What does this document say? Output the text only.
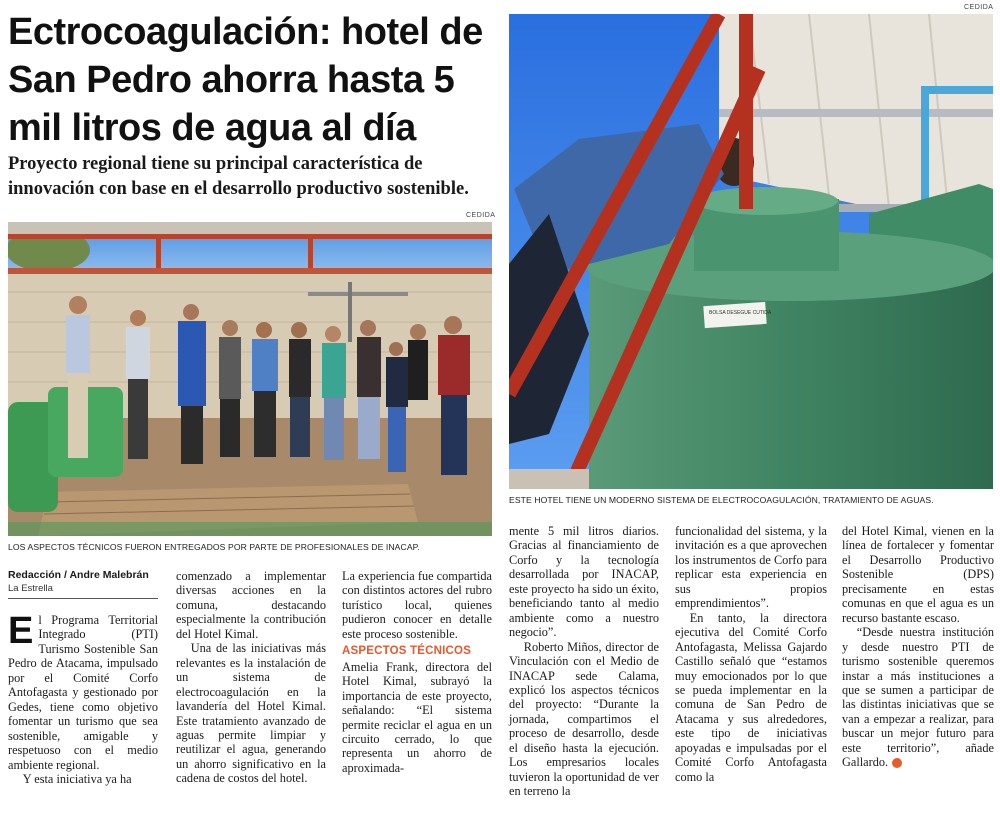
Ectrocoagulación: hotel de San Pedro ahorra hasta 5 mil litros de agua al día

Proyecto regional tiene su principal característica de innovación con base en el desarrollo productivo sostenible.

CEDIDA
CEDIDA
LOS ASPECTOS TÉCNICOS FUERON ENTREGADOS POR PARTE DE PROFESIONALES DE INACAP.
BOLSA DESEGUE CUTIDA
ESTE HOTEL TIENE UN MODERNO SISTEMA DE ELECTROCOAGULACIÓN, TRATAMIENTO DE AGUAS.
Redacción / Andre Malebrán
La Estrella

El Programa Territorial Integrado (PTI) Turismo Sostenible San Pedro de Atacama, impulsado por el Comité Corfo Antofagasta y gestionado por Gedes, tiene como objetivo fomentar un turismo que sea sostenible, amigable y respetuoso con el medio ambiente regional.

Y esta iniciativa ya ha

comenzado a implementar diversas acciones en la comuna, destacando especialmente la contribución del Hotel Kimal.

Una de las iniciativas más relevantes es la instalación de un sistema de electrocoagulación en la lavandería del Hotel Kimal. Este tratamiento avanzado de aguas permite limpiar y reutilizar el agua, generando un ahorro significativo en la cadena de costos del hotel.

La experiencia fue compartida con distintos actores del rubro turístico local, quienes pudieron conocer en detalle este proceso sostenible.

ASPECTOS TÉCNICOS

Amelia Frank, directora del Hotel Kimal, subrayó la importancia de este proyecto, señalando: “El sistema permite reciclar el agua en un circuito cerrado, lo que representa un ahorro de aproximada-

mente 5 mil litros diarios. Gracias al financiamiento de Corfo y la tecnología desarrollada por INACAP, este proyecto ha sido un éxito, beneficiando tanto al medio ambiente como a nuestro negocio”.

Roberto Miños, director de Vinculación con el Medio de INACAP sede Calama, explicó los aspectos técnicos del proyecto: “Durante la jornada, compartimos el proceso de desarrollo, desde el diseño hasta la ejecución. Los empresarios locales tuvieron la oportunidad de ver en terreno la

funcionalidad del sistema, y la invitación es a que aprovechen los instrumentos de Corfo para replicar esta experiencia en sus propios emprendimientos”.

En tanto, la directora ejecutiva del Comité Corfo Antofagasta, Melissa Gajardo Castillo señaló que “estamos muy emocionados por lo que se pueda implementar en la comuna de San Pedro de Atacama y sus alrededores, este tipo de iniciativas apoyadas e impulsadas por el Comité Corfo Antofagasta como la

del Hotel Kimal, vienen en la línea de fortalecer y fomentar el Desarrollo Productivo Sostenible (DPS) precisamente en estas comunas en que el agua es un recurso bastante escaso.

“Desde nuestra institución y desde nuestro PTI de turismo sostenible queremos instar a más instituciones a que se sumen a participar de las distintas iniciativas que se van a empezar a realizar, para buscar un mejor futuro para este territorio”, añade Gallardo. ✪
